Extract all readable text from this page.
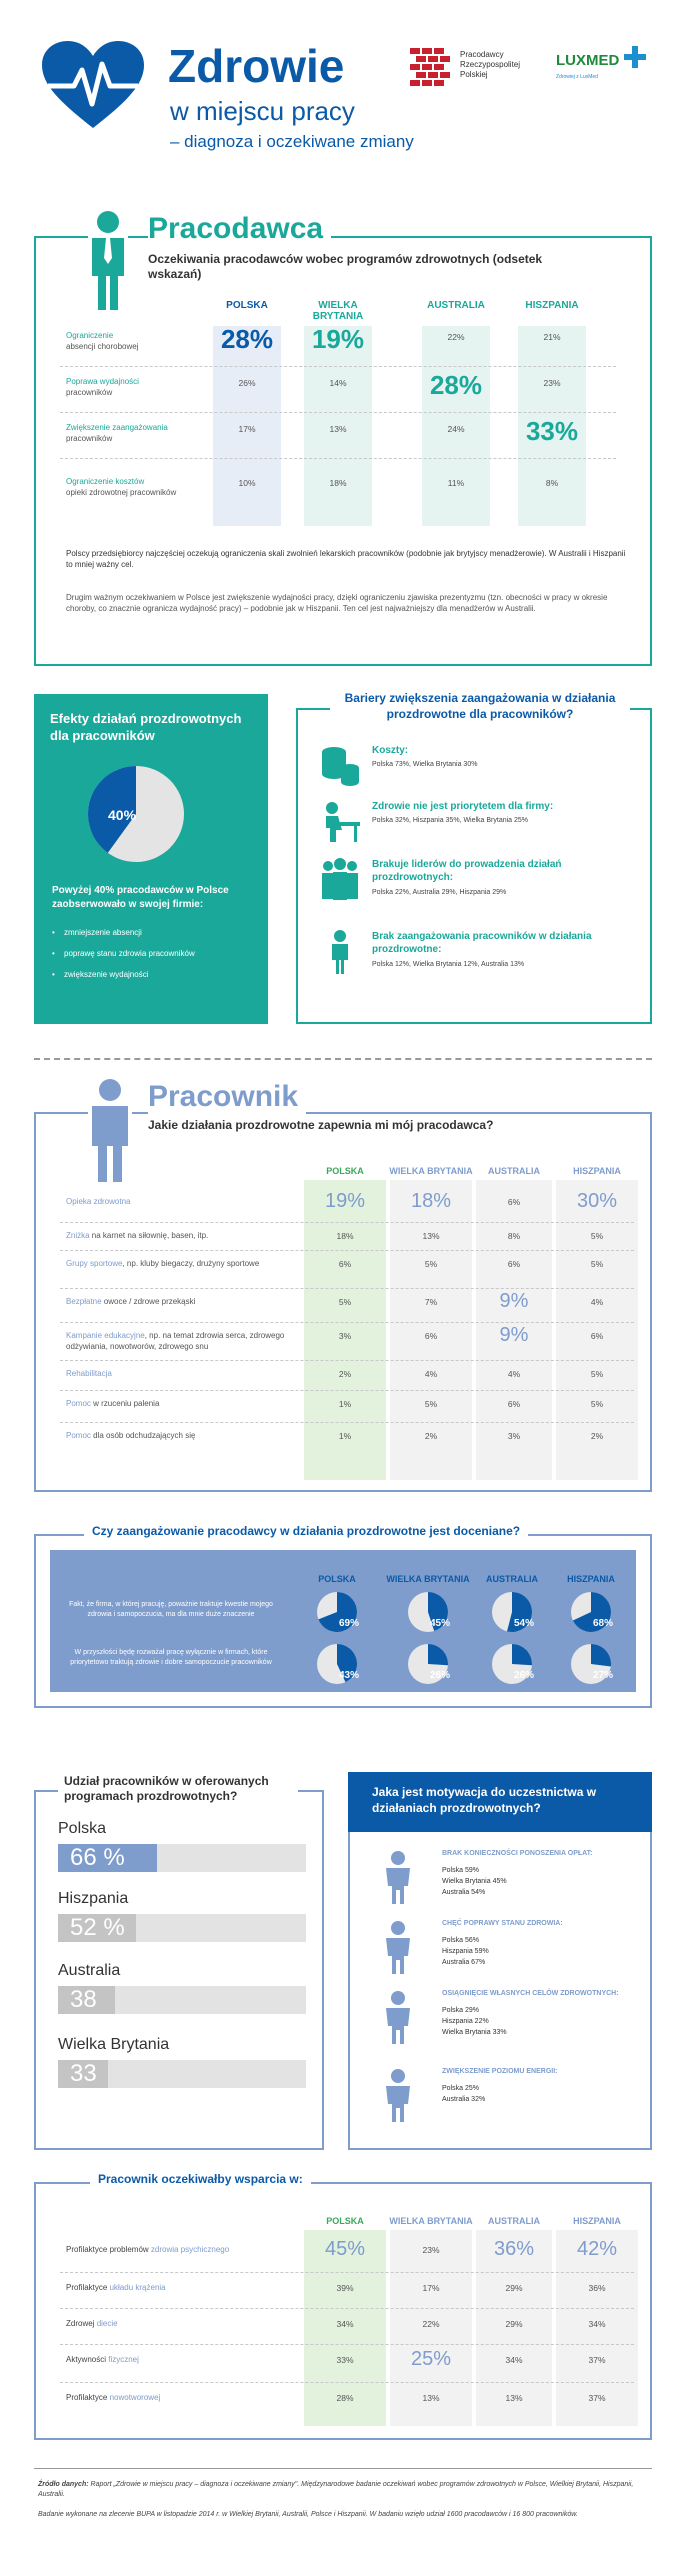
Zdrowie
w miejscu pracy
– diagnoza i oczekiwane zmiany
Pracodawcy
Rzeczypospolitej
Polskiej
LUXMED
Zdrowiej z LuxMed
Pracodawca
Oczekiwania pracodawców wobec programów zdrowotnych (odsetek wskazań)
POLSKA	WIELKA BRYTANIA
AUSTRALIA	HISZPANIA
Ograniczenie
absencji chorobowej	28%	19%	22%	21%
Poprawa wydajności
pracowników
26%	14%	28%	23%
Zwiększenie zaangażowania
pracowników
17%	13%	24%	33%
Ograniczenie kosztów
opieki zdrowotnej pracowników
10%	18%	11%	8%
Polscy przedsiębiorcy najczęściej oczekują ograniczenia skali zwolnień lekarskich pracowników (podobnie jak brytyjscy menadżerowie). W Australii i Hiszpanii to mniej ważny cel.
Drugim ważnym oczekiwaniem w Polsce jest zwiększenie wydajności pracy, dzięki ograniczeniu zjawiska prezentyzmu (tzn. obecności w pracy w okresie choroby, co znacznie ogranicza wydajność pracy) – podobnie jak w Hiszpanii. Ten cel jest najważniejszy dla menadżerów w Australii.
Efekty działań prozdrowotnych dla pracowników
40%
Powyżej 40% pracodawców w Polsce zaobserwowało w swojej firmie:
• zmniejszenie absencji
• poprawę stanu zdrowia pracowników
• zwiększenie wydajności
Bariery zwiększenia zaangażowania w działania prozdrowotne dla pracowników?
Koszty:
Polska 73%, Wielka Brytania 30%
Zdrowie nie jest priorytetem dla firmy:
Polska 32%, Hiszpania 35%, Wielka Brytania 25%
Brakuje liderów do prowadzenia działań prozdrowotnych:
Polska 22%, Australia 29%, Hiszpania 29%
Brak zaangażowania pracowników w działania prozdrowotne:
Polska 12%, Wielka Brytania 12%, Australia 13%
Pracownik
Jakie działania prozdrowotne zapewnia mi mój pracodawca?
POLSKA	WIELKA BRYTANIA	AUSTRALIA	HISZPANIA
Opieka zdrowotna	19%	18%	6%	30%
Zniżka na karnet na siłownię, basen, itp.	18%	13%	8%	5%
Grupy sportowe, np. kluby biegaczy, drużyny sportowe	6%	5%	6%	5%
Bezpłatne owoce / zdrowe przekąski	5%	7%	9%	4%
Kampanie edukacyjne, np. na temat zdrowia serca, zdrowego odżywiania, nowotworów, zdrowego snu
3%	6%	9%	6%
Rehabilitacja	2%	4%	4%	5%
Pomoc w rzuceniu palenia	1%	5%	6%	5%
Pomoc dla osób odchudzających się	1%	2%	3%	2%
Czy zaangażowanie pracodawcy w działania prozdrowotne jest doceniane?
POLSKA	WIELKA BRYTANIA	AUSTRALIA	HISZPANIA
Fakt, że firma, w której pracuję, poważnie traktuje kwestie mojego zdrowia i samopoczucia, ma dla mnie duże znaczenie
W przyszłości będę rozważał pracę wyłącznie w firmach, które priorytetowo traktują zdrowie i dobre samopoczucie pracowników
69%	45%	54%	68%
43%	26%	26%	27%
Udział pracowników w oferowanych programach prozdrowotnych?
Polska
66 %
Hiszpania
52 %
Australia
38 %
Wielka Brytania
33 %
Jaka jest motywacja do uczestnictwa w działaniach prozdrowotnych?
BRAK KONIECZNOŚCI PONOSZENIA OPŁAT:
Polska 59%
Wielka Brytania 45%
Australia 54%
CHĘĆ POPRAWY STANU ZDROWIA:
Polska 56%
Hiszpania 59%
Australia 67%
OSIĄGNIĘCIE WŁASNYCH CELÓW ZDROWOTNYCH:
Polska 29%
Hiszpania 22%
Wielka Brytania 33%
ZWIĘKSZENIE POZIOMU ENERGII:
Polska 25%
Australia 32%
Pracownik oczekiwałby wsparcia w:
POLSKA	WIELKA BRYTANIA	AUSTRALIA	HISZPANIA
Profilaktyce problemów zdrowia psychicznego	45%	23%	36%	42%
Profilaktyce układu krążenia	39%	17%	29%	36%
Zdrowej diecie	34%	22%	29%	34%
Aktywności fizycznej	33%	25%	34%	37%
Profilaktyce nowotworowej	28%	13%	13%	37%
Źródło danych: Raport „Zdrowie w miejscu pracy – diagnoza i oczekiwane zmiany". Międzynarodowe badanie oczekiwań wobec programów zdrowotnych w Polsce, Wielkiej Brytanii, Hiszpanii, Australii.
Badanie wykonane na zlecenie BUPA w listopadzie 2014 r. w Wielkiej Brytanii, Australii, Polsce i Hiszpanii. W badaniu wzięło udział 1600 pracodawców i 16 800 pracowników.
